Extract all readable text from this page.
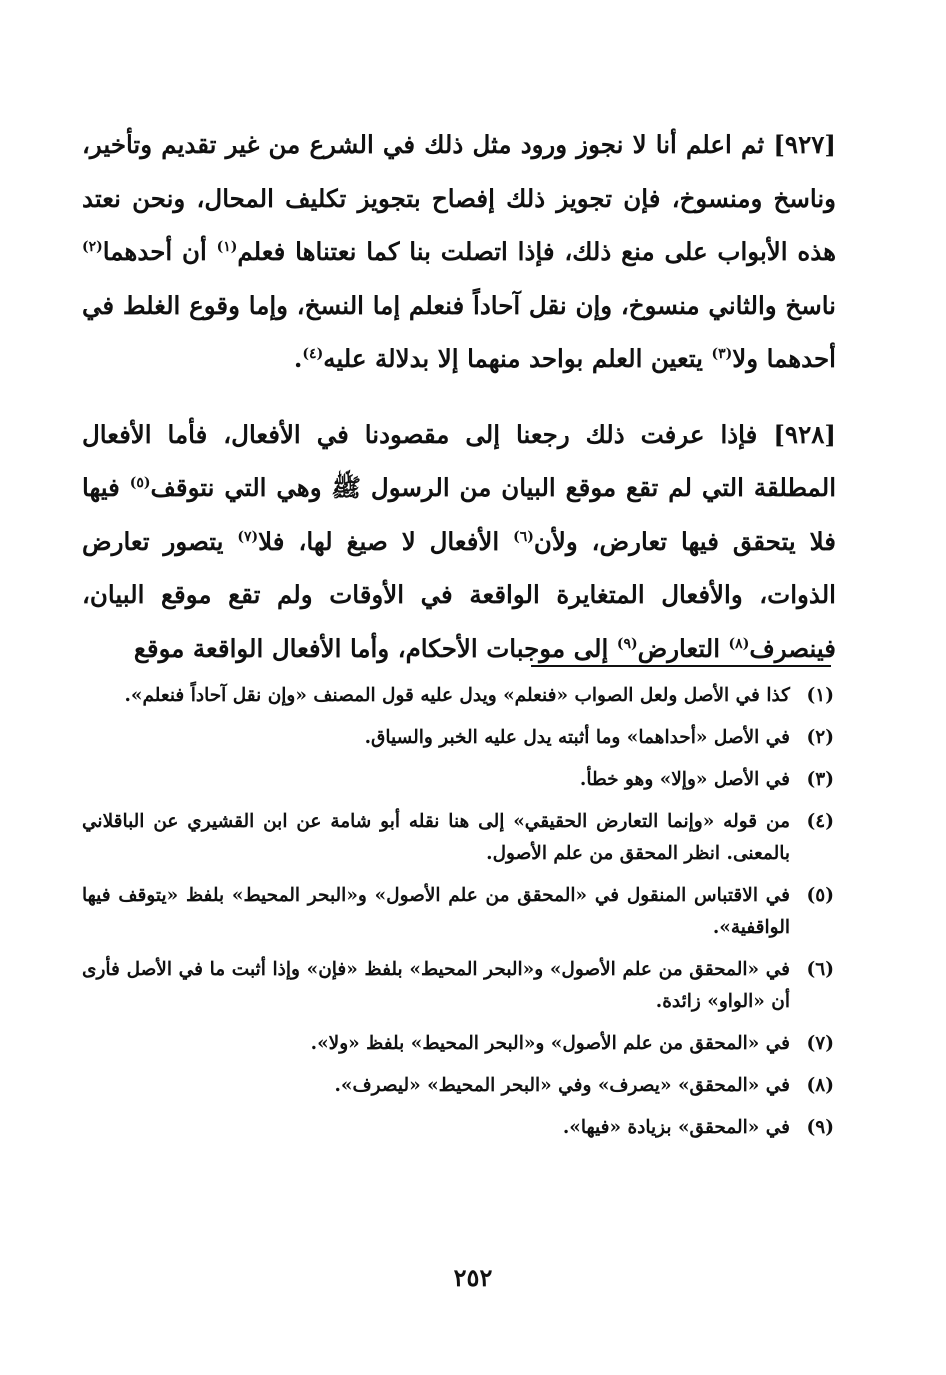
[٩٢٧] ثم اعلم أنا لا نجوز ورود مثل ذلك في الشرع من غير تقديم وتأخير، وناسخ ومنسوخ، فإن تجويز ذلك إفصاح بتجويز تكليف المحال، ونحن نعتد هذه الأبواب على منع ذلك، فإذا اتصلت بنا كما نعتناها فعلم$^{(١)}$ أن أحدهما$^{(٢)}$ ناسخ والثاني منسوخ، وإن نقل آحاداً فنعلم إما النسخ، وإما وقوع الغلط في أحدهما ولا$^{(٣)}$ يتعين العلم بواحد منهما إلا بدلالة عليه$^{(٤)}$.

[٩٢٨] فإذا عرفت ذلك رجعنا إلى مقصودنا في الأفعال، فأما الأفعال المطلقة التي لم تقع موقع البيان من الرسول ﷺ وهي التي نتوقف$^{(٥)}$ فيها فلا يتحقق فيها تعارض، ولأن$^{(٦)}$ الأفعال لا صيغ لها، فلا$^{(٧)}$ يتصور تعارض الذوات، والأفعال المتغايرة الواقعة في الأوقات ولم تقع موقع البيان، فينصرف$^{(٨)}$ التعارض$^{(٩)}$ إلى موجبات الأحكام، وأما الأفعال الواقعة موقع

(١)
كذا في الأصل ولعل الصواب «فنعلم» ويدل عليه قول المصنف «وإن نقل آحاداً فنعلم».
(٢)
في الأصل «أحداهما» وما أثبته يدل عليه الخبر والسياق.
(٣)
في الأصل «وإلا» وهو خطأ.
(٤)
من قوله «وإنما التعارض الحقيقي» إلى هنا نقله أبو شامة عن ابن القشيري عن الباقلاني بالمعنى. انظر المحقق من علم الأصول.
(٥)
في الاقتباس المنقول في «المحقق من علم الأصول» و«البحر المحيط» بلفظ «يتوقف فيها الواقفية».
(٦)
في «المحقق من علم الأصول» و«البحر المحيط» بلفظ «فإن» وإذا أثبت ما في الأصل فأرى أن «الواو» زائدة.
(٧)
في «المحقق من علم الأصول» و«البحر المحيط» بلفظ «ولا».
(٨)
في «المحقق» «يصرف» وفي «البحر المحيط» «ليصرف».
(٩)
في «المحقق» بزيادة «فيها».
٢٥٢
